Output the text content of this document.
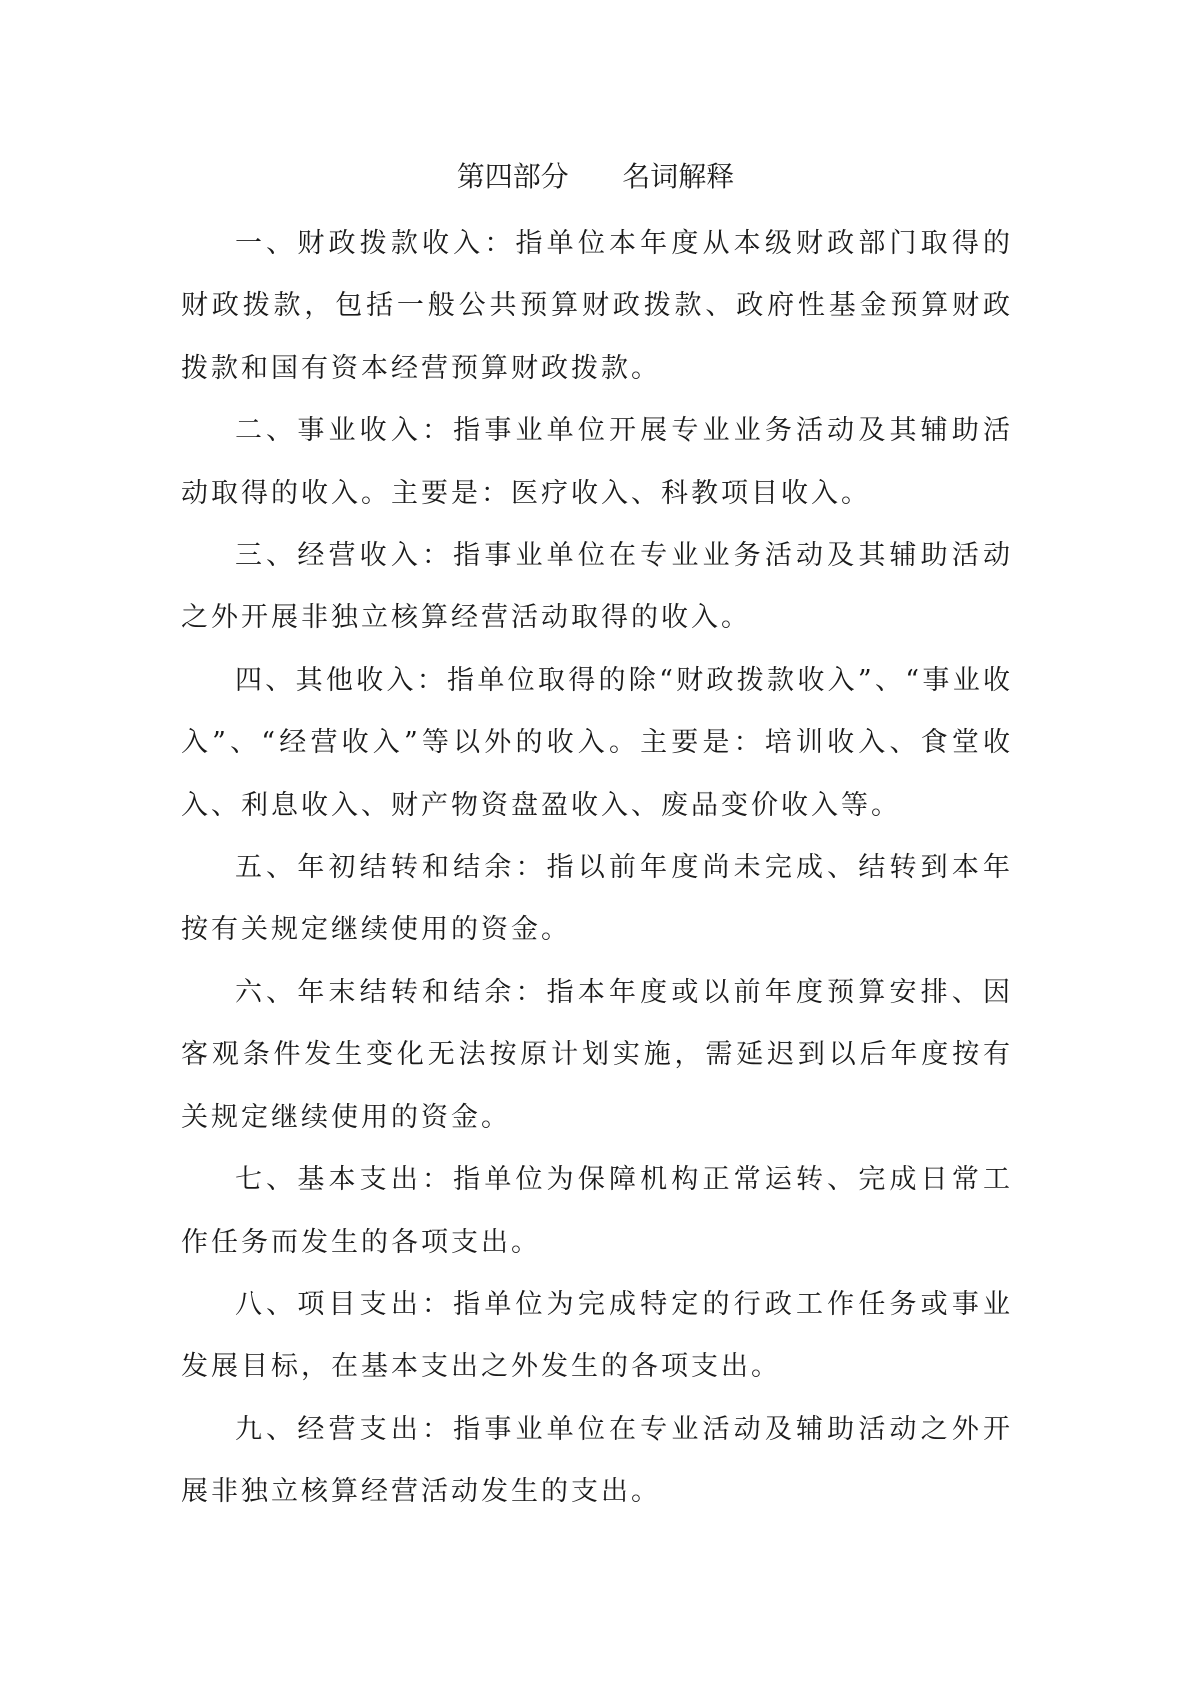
第四部分      名词解释

一、财政拨款收入：指单位本年度从本级财政部门取得的财政拨款，包括一般公共预算财政拨款、政府性基金预算财政拨款和国有资本经营预算财政拨款。

二、事业收入：指事业单位开展专业业务活动及其辅助活动取得的收入。主要是：医疗收入、科教项目收入。

三、经营收入：指事业单位在专业业务活动及其辅助活动之外开展非独立核算经营活动取得的收入。

四、其他收入：指单位取得的除“财政拨款收入”、“事业收入”、“经营收入”等以外的收入。主要是：培训收入、食堂收入、利息收入、财产物资盘盈收入、废品变价收入等。

五、年初结转和结余：指以前年度尚未完成、结转到本年按有关规定继续使用的资金。

六、年末结转和结余：指本年度或以前年度预算安排、因客观条件发生变化无法按原计划实施，需延迟到以后年度按有关规定继续使用的资金。

七、基本支出：指单位为保障机构正常运转、完成日常工作任务而发生的各项支出。

八、项目支出：指单位为完成特定的行政工作任务或事业发展目标，在基本支出之外发生的各项支出。

九、经营支出：指事业单位在专业活动及辅助活动之外开展非独立核算经营活动发生的支出。
